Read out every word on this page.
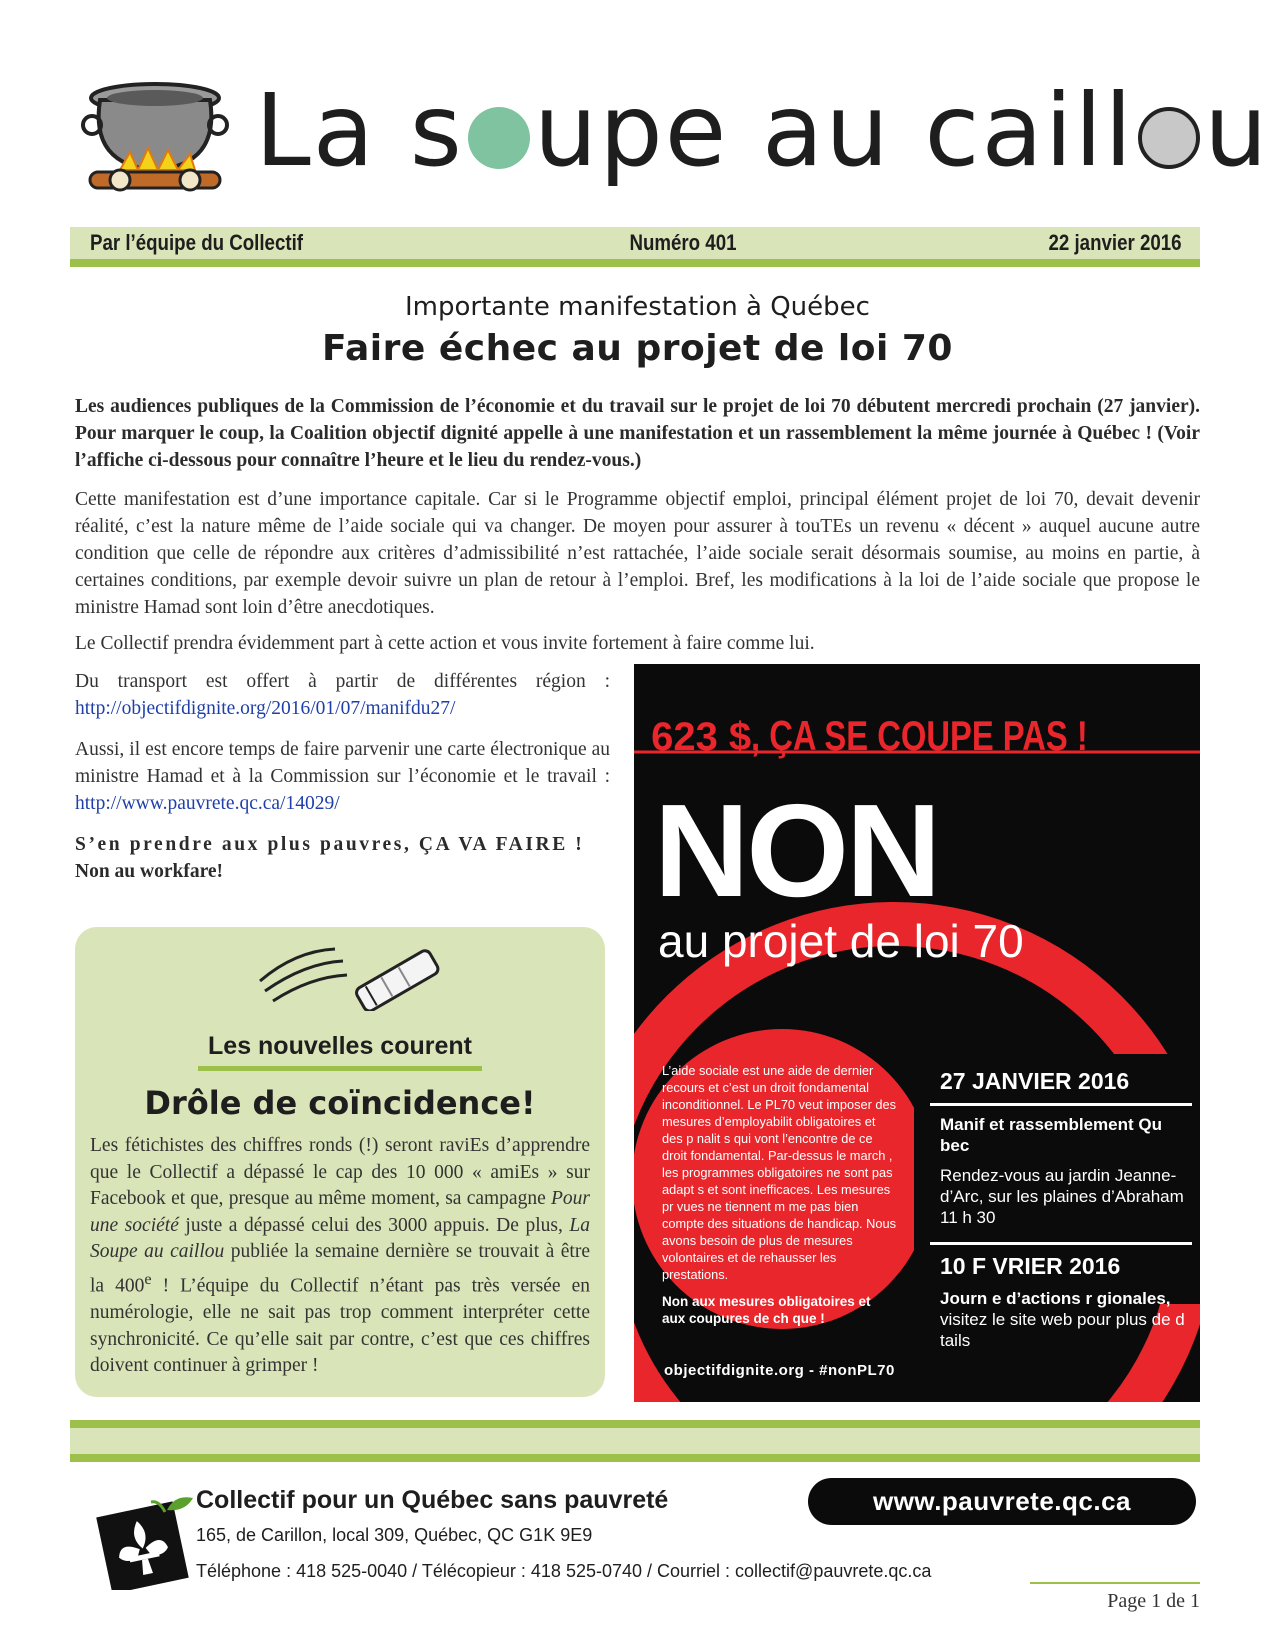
La s upe au caill u
Par l’équipe du Collectif	Numéro 401	22 janvier 2016
Importante manifestation à Québec
Faire échec au projet de loi 70
Les audiences publiques de la Commission de l’économie et du travail sur le projet de loi 70 débutent mercredi prochain (27 janvier). Pour marquer le coup, la Coalition objectif dignité appelle à une manifestation et un rassemblement la même journée à Québec ! (Voir l’affiche ci-dessous pour connaître l’heure et le lieu du rendez-vous.)
Cette manifestation est d’une importance capitale. Car si le Programme objectif emploi, principal élément projet de loi 70, devait devenir réalité, c’est la nature même de l’aide sociale qui va changer. De moyen pour assurer à touTEs un revenu « décent » auquel aucune autre condition que celle de répondre aux critères d’admissibilité n’est rattachée, l’aide sociale serait désormais soumise, au moins en partie, à certaines conditions, par exemple devoir suivre un plan de retour à l’emploi. Bref, les modifications à la loi de l’aide sociale que propose le ministre Hamad sont loin d’être anecdotiques.
Le Collectif prendra évidemment part à cette action et vous invite fortement à faire comme lui.

Du transport est offert à partir de différentes région : http://objectifdignite.org/2016/01/07/manifdu27/

Aussi, il est encore temps de faire parvenir une carte électronique au ministre Hamad et à la Commission sur l’économie et le travail : http://www.pauvrete.qc.ca/14029/

S’en prendre aux plus pauvres, ÇA VA FAIRE !
Non au workfare!

Les nouvelles courent
Drôle de coïncidence!
Les fétichistes des chiffres ronds (!) seront raviEs d’apprendre que le Collectif a dépassé le cap des 10 000 « amiEs » sur Facebook et que, presque au même moment, sa campagne Pour une société juste a dépassé celui des 3000 appuis. De plus, La Soupe au caillou publiée la semaine dernière se trouvait à être la 400e ! L’équipe du Collectif n’étant pas très versée en numérologie, elle ne sait pas trop comment interpréter cette synchronicité. Ce qu’elle sait par contre, c’est que ces chiffres doivent continuer à grimper !
623 $, ÇA SE COUPE PAS !
NON
au projet de loi 70
L’aide sociale est une aide de dernier recours et c’est un droit fondamental inconditionnel. Le PL70 veut imposer des mesures d’employabilit obligatoires et des p nalit s qui vont l’encontre de ce droit fondamental. Par-dessus le march , les programmes obligatoires ne sont pas adapt s et sont inefficaces. Les mesures pr vues ne tiennent m me pas bien compte des situations de handicap. Nous avons besoin de plus de mesures volontaires et de rehausser les prestations.
Non aux mesures obligatoires et aux coupures de ch que !
27 JANVIER 2016
Manif et rassemblement Qu bec
Rendez-vous au jardin Jeanne-d’Arc, sur les plaines d’Abraham 11 h 30
10 F VRIER 2016
Journ e d’actions r gionales, visitez le site web pour plus de d tails
objectifdignite.org - #nonPL70
Collectif pour un Québec sans pauvreté
165, de Carillon, local 309, Québec, QC G1K 9E9
Téléphone : 418 525-0040 / Télécopieur : 418 525-0740 / Courriel : collectif@pauvrete.qc.ca
www.pauvrete.qc.ca
Page 1 de 1
